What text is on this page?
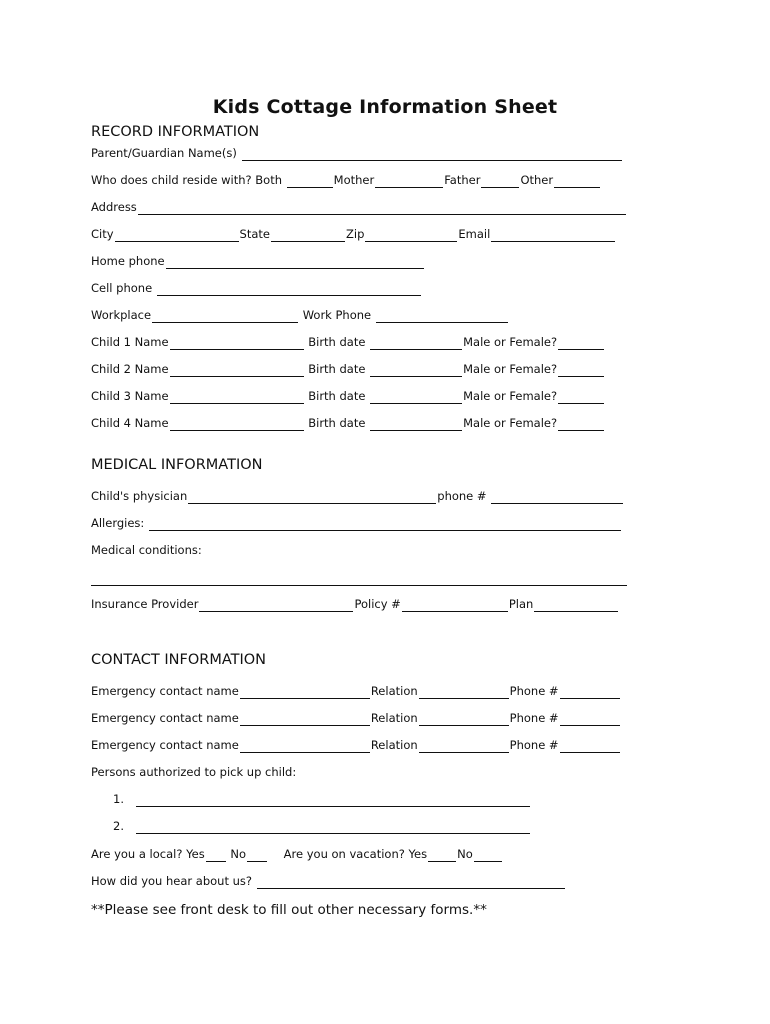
Kids Cottage Information Sheet
RECORD INFORMATION
Parent/Guardian Name(s)
Who does child reside with? Both	Mother	Father	Other
Address
City	State	Zip	Email
Home phone
Cell phone
Workplace	Work Phone
Child 1 Name	Birth date	Male or Female?
Child 2 Name	Birth date	Male or Female?
Child 3 Name	Birth date	Male or Female?
Child 4 Name	Birth date	Male or Female?
MEDICAL INFORMATION
Child's physician	phone #
Allergies:
Medical conditions:
Insurance Provider	Policy #	Plan
CONTACT INFORMATION
Emergency contact name	Relation	Phone #
Emergency contact name	Relation	Phone #
Emergency contact name	Relation	Phone #
Persons authorized to pick up child:
1.
2.
Are you a local? Yes No	Are you on vacation? Yes	No
How did you hear about us?
**Please see front desk to fill out other necessary forms.**
